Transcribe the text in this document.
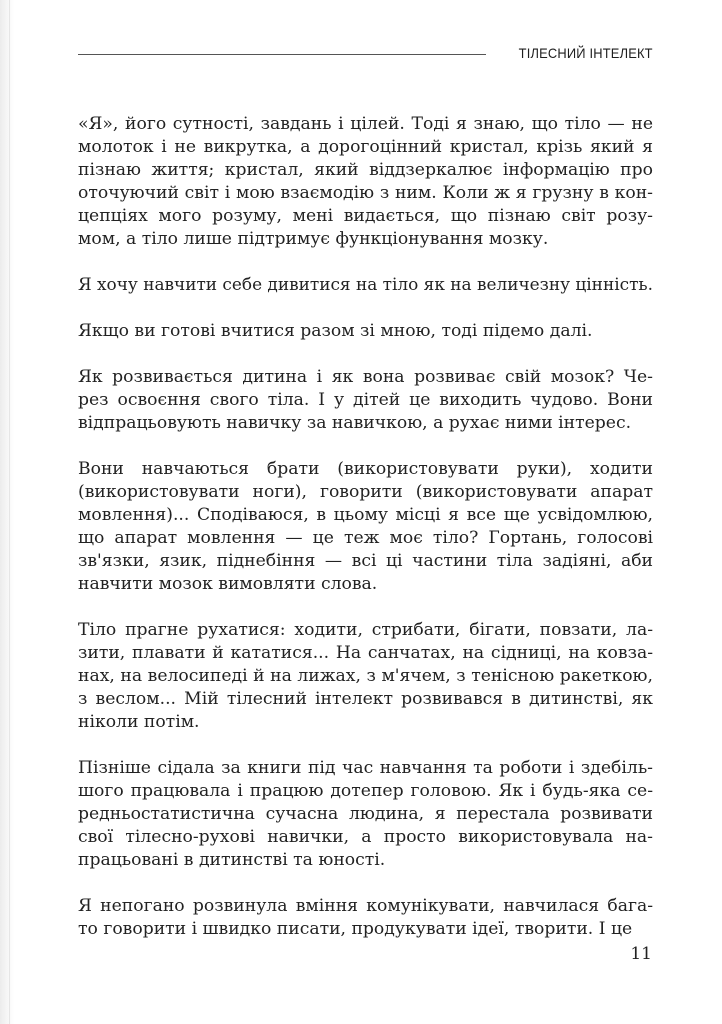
ТІЛЕСНИЙ ІНТЕЛЕКТ
«Я», його сутності, завдань і цілей. Тоді я знаю, що тіло — не
молоток і не викрутка, а дорогоцінний кристал, крізь який я
пізнаю життя; кристал, який віддзеркалює інформацію про
оточуючий світ і мою взаємодію з ним. Коли ж я грузну в кон-
цепціях мого розуму, мені видається, що пізнаю світ розу-
мом, а тіло лише підтримує функціонування мозку.
Я хочу навчити себе дивитися на тіло як на величезну цінність.
Якщо ви готові вчитися разом зі мною, тоді підемо далі.
Як розвивається дитина і як вона розвиває свій мозок? Че-
рез освоєння свого тіла. І у дітей це виходить чудово. Вони
відпрацьовують навичку за навичкою, а рухає ними інтерес.
Вони навчаються брати (використовувати руки), ходити
(використовувати ноги), говорити (використовувати апарат
мовлення)... Сподіваюся, в цьому місці я все ще усвідомлюю,
що апарат мовлення — це теж моє тіло? Гортань, голосові
зв'язки, язик, піднебіння — всі ці частини тіла задіяні, аби
навчити мозок вимовляти слова.
Тіло прагне рухатися: ходити, стрибати, бігати, повзати, ла-
зити, плавати й кататися... На санчатах, на сідниці, на ковза-
нах, на велосипеді й на лижах, з м'ячем, з тенісною ракеткою,
з веслом... Мій тілесний інтелект розвивався в дитинстві, як
ніколи потім.
Пізніше сідала за книги під час навчання та роботи і здебіль-
шого працювала і працюю дотепер головою. Як і будь-яка се-
редньостатистична сучасна людина, я перестала розвивати
свої тілесно-рухові навички, а просто використовувала на-
працьовані в дитинстві та юності.
Я непогано розвинула вміння комунікувати, навчилася бага-
то говорити і швидко писати, продукувати ідеї, творити. І це
11
